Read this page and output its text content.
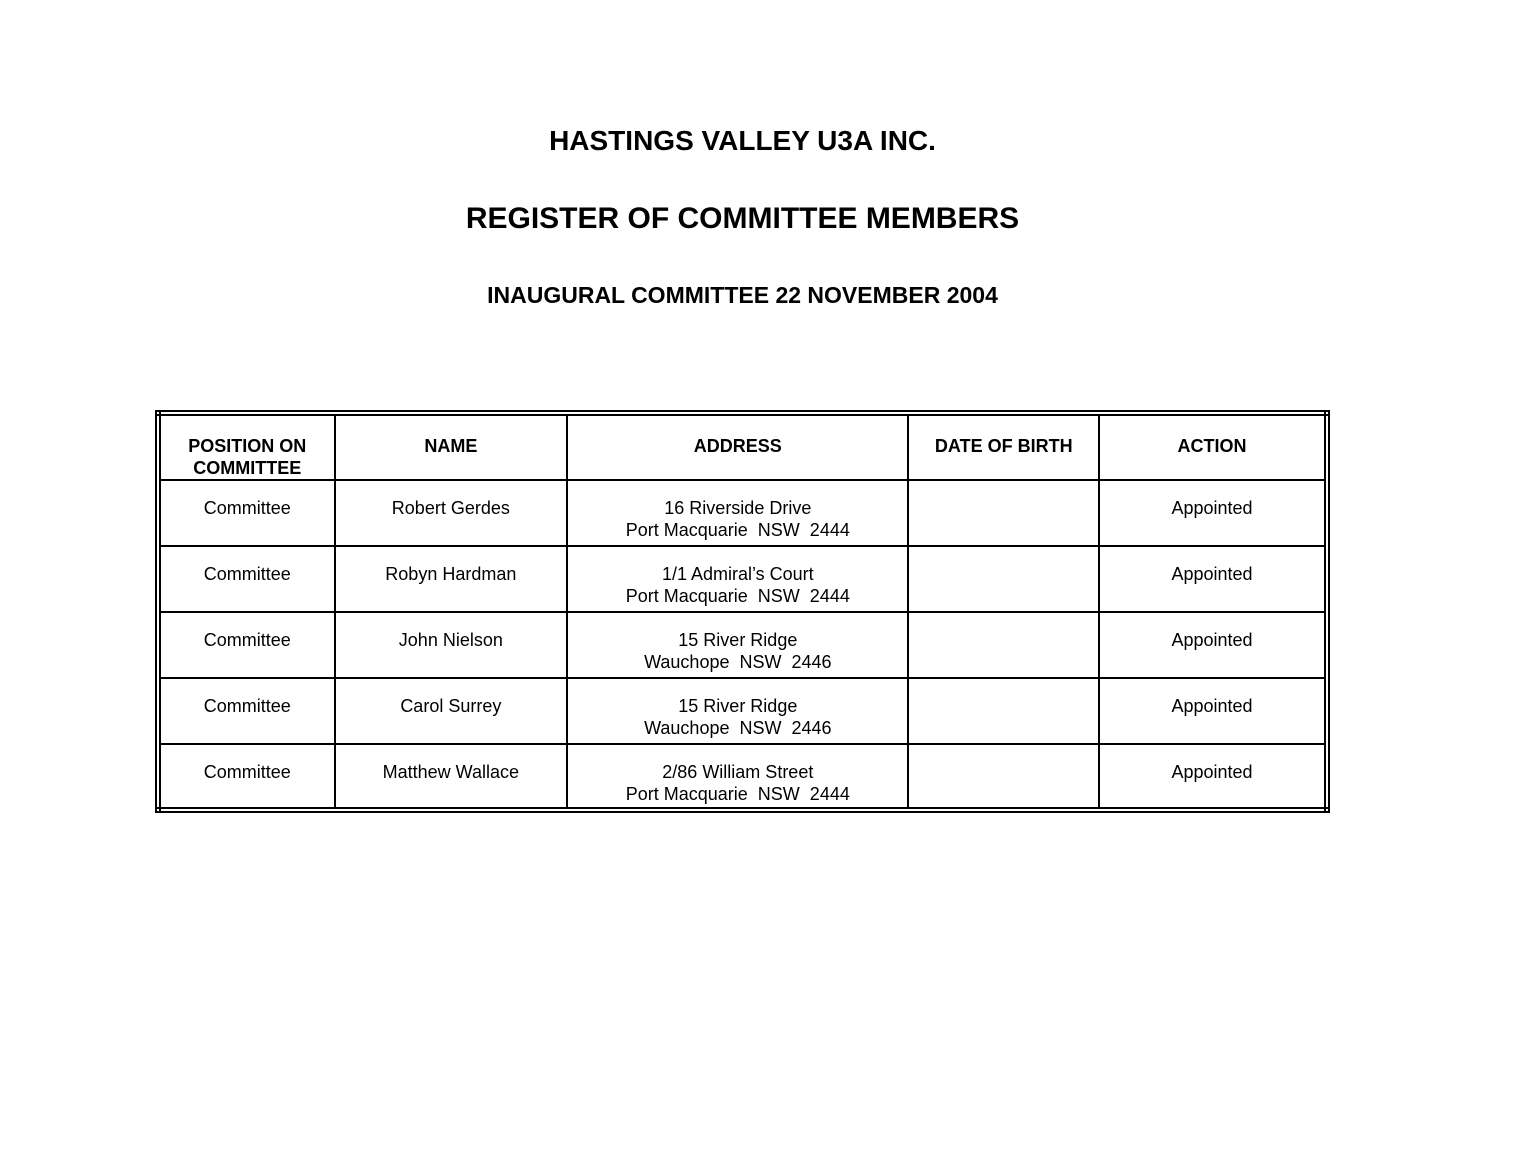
HASTINGS VALLEY U3A INC.
REGISTER OF COMMITTEE MEMBERS
INAUGURAL COMMITTEE 22 NOVEMBER 2004
POSITION ON COMMITTEE	NAME	ADDRESS	DATE OF BIRTH	ACTION
Committee	Robert Gerdes	16 Riverside Drive
Port Macquarie  NSW  2444		Appointed
Committee	Robyn Hardman	1/1 Admiral’s Court
Port Macquarie  NSW  2444		Appointed
Committee	John Nielson	15 River Ridge
Wauchope  NSW  2446		Appointed
Committee	Carol Surrey	15 River Ridge
Wauchope  NSW  2446		Appointed
Committee	Matthew Wallace	2/86 William Street
Port Macquarie  NSW  2444		Appointed
